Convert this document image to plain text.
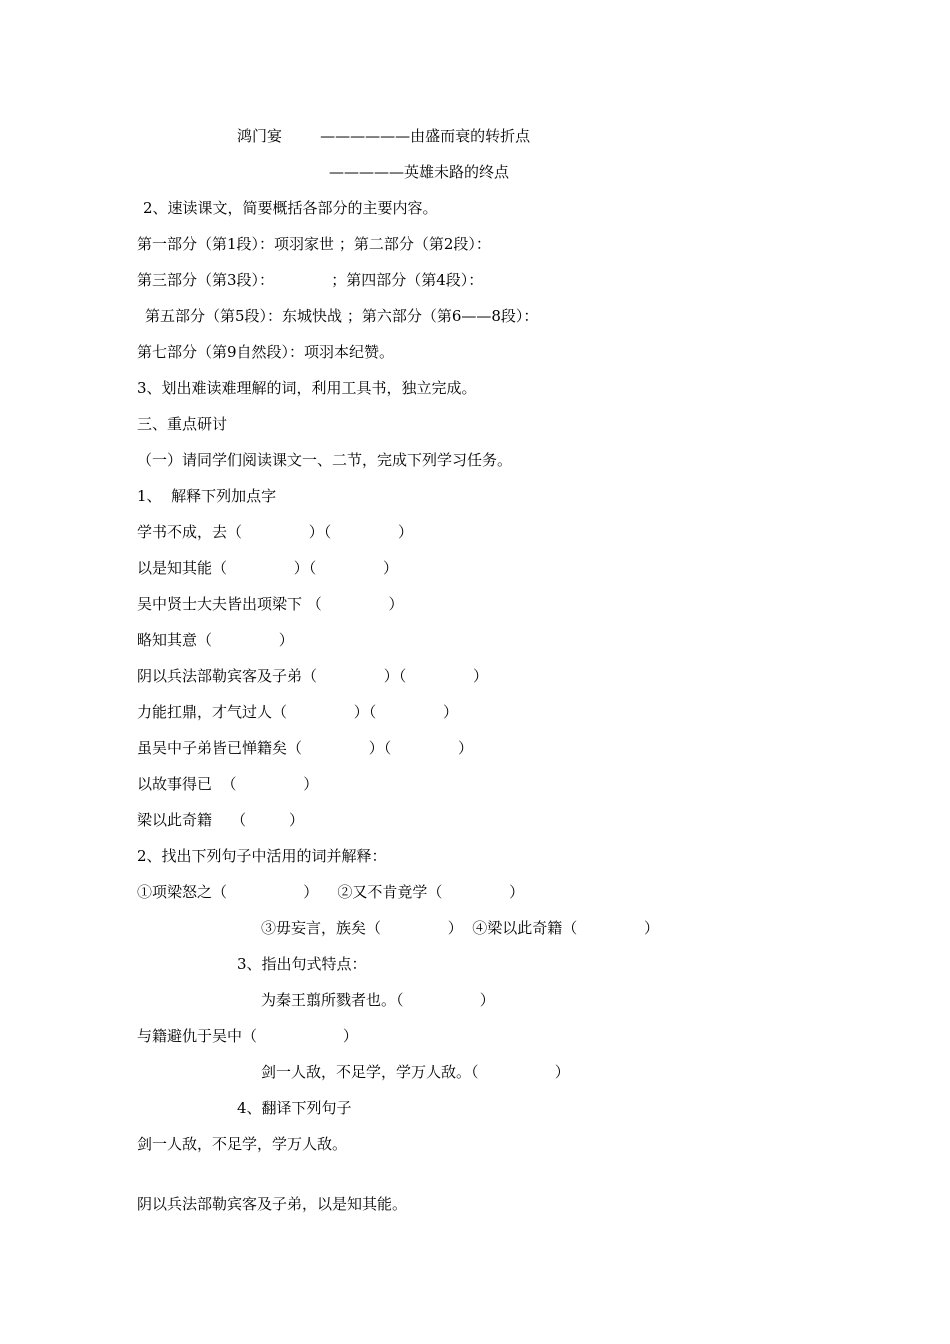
鸿门宴        ——————由盛而衰的转折点
—————英雄未路的终点
2、速读课文，简要概括各部分的主要内容。
第一部分（第1段）：项羽家世 ；第二部分（第2段）：
第三部分（第3段）：            ；第四部分（第4段）：
第五部分（第5段）：东城快战 ；第六部分（第6——8段）：
第七部分（第9自然段）：项羽本纪赞。
3、划出难读难理解的词，利用工具书，独立完成。
三、重点研讨
（一）请同学们阅读课文一、二节，完成下列学习任务。
1、  解释下列加点字
学书不成，去（              ）（              ）
以是知其能（              ）（              ）
吴中贤士大夫皆出项梁下 （              ）
略知其意（              ）
阴以兵法部勒宾客及子弟（              ）（              ）
力能扛鼎，才气过人（              ）（              ）
虽吴中子弟皆已惮籍矣（              ）（              ）
以故事得已  （              ）
梁以此奇籍    （         ）
2、找出下列句子中活用的词并解释：
①项梁怒之（                ）    ②又不肯竟学（              ）
③毋妄言，族矣（              ）  ④梁以此奇籍（              ）
3、指出句式特点：
为秦王翦所戮者也。（                ）
与籍避仇于吴中（                  ）
剑一人敌，不足学，学万人敌。（                ）
4、翻译下列句子
剑一人敌，不足学，学万人敌。
阴以兵法部勒宾客及子弟，以是知其能。
